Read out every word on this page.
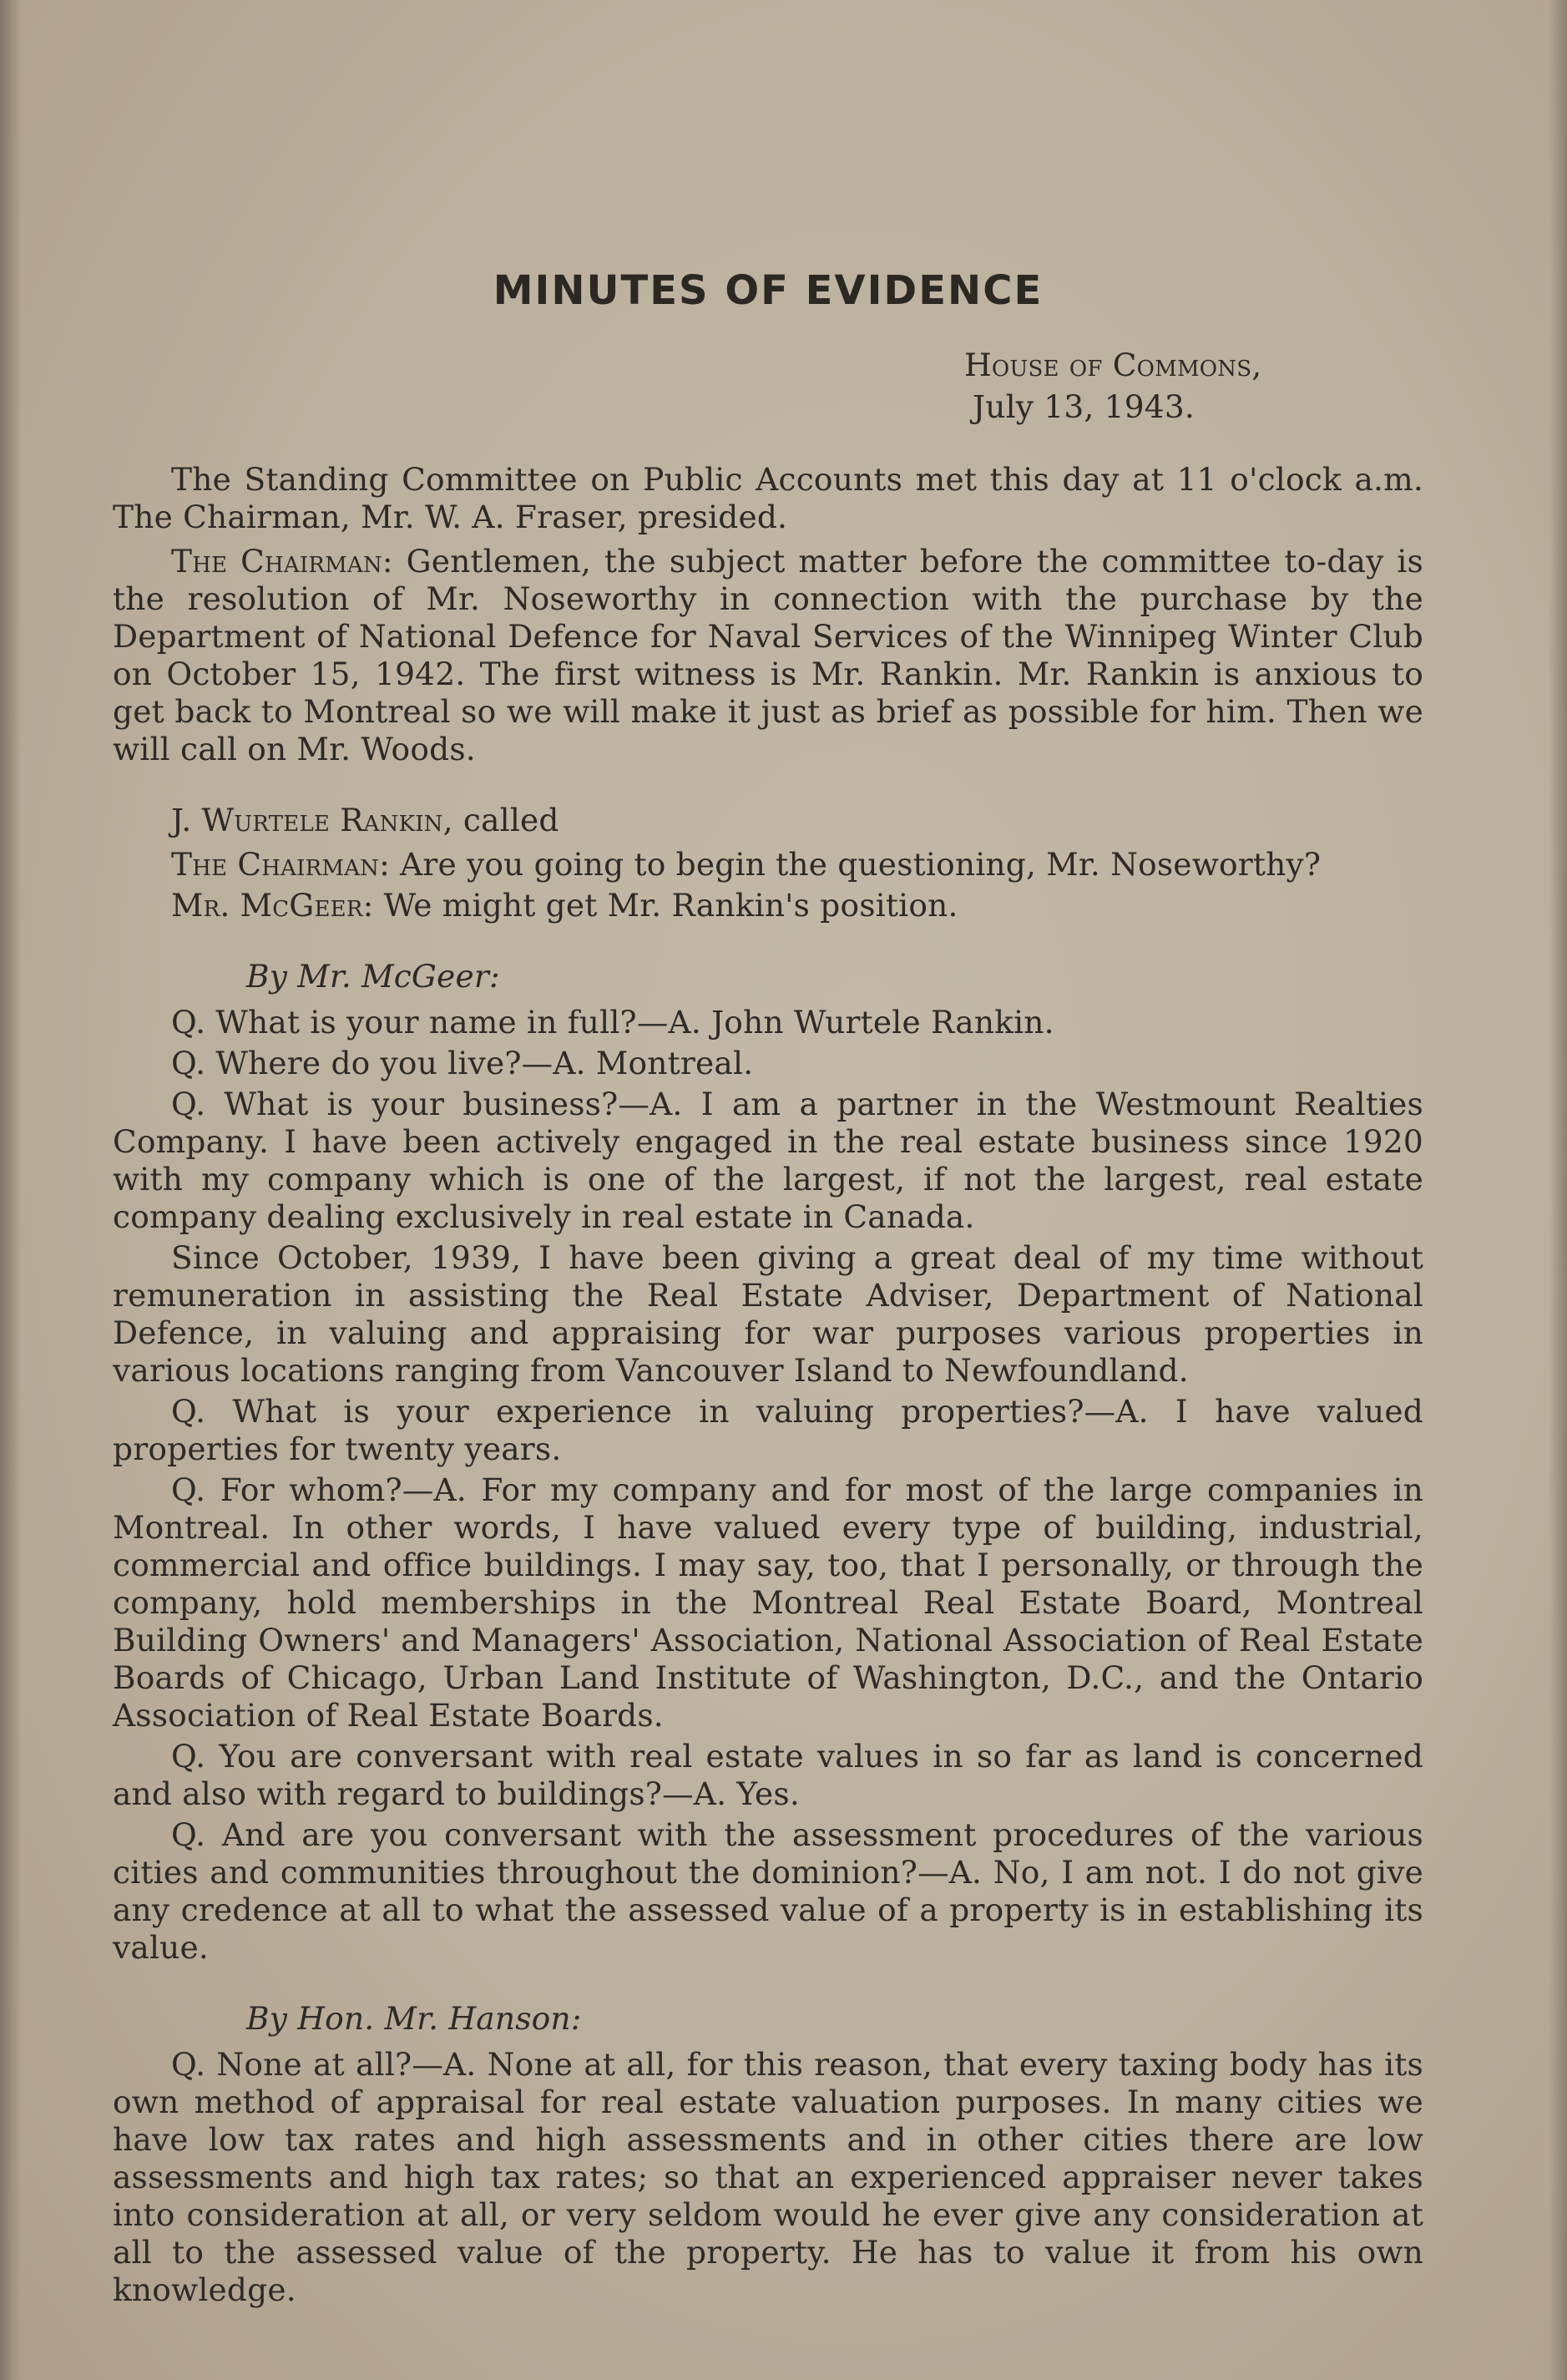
MINUTES OF EVIDENCE
House of Commons,
July 13, 1943.

The Standing Committee on Public Accounts met this day at 11 o'clock a.m. The Chairman, Mr. W. A. Fraser, presided.

The Chairman: Gentlemen, the subject matter before the committee to-day is the resolution of Mr. Noseworthy in connection with the purchase by the Department of National Defence for Naval Services of the Winnipeg Winter Club on October 15, 1942. The first witness is Mr. Rankin. Mr. Rankin is anxious to get back to Montreal so we will make it just as brief as possible for him. Then we will call on Mr. Woods.

J. Wurtele Rankin, called

The Chairman: Are you going to begin the questioning, Mr. Noseworthy?

Mr. McGeer: We might get Mr. Rankin's position.

By Mr. McGeer:

Q. What is your name in full?—A. John Wurtele Rankin.

Q. Where do you live?—A. Montreal.

Q. What is your business?—A. I am a partner in the Westmount Realties Company. I have been actively engaged in the real estate business since 1920 with my company which is one of the largest, if not the largest, real estate company dealing exclusively in real estate in Canada.

Since October, 1939, I have been giving a great deal of my time without remuneration in assisting the Real Estate Adviser, Department of National Defence, in valuing and appraising for war purposes various properties in various locations ranging from Vancouver Island to Newfoundland.

Q. What is your experience in valuing properties?—A. I have valued properties for twenty years.

Q. For whom?—A. For my company and for most of the large companies in Montreal. In other words, I have valued every type of building, industrial, commercial and office buildings. I may say, too, that I personally, or through the company, hold memberships in the Montreal Real Estate Board, Montreal Building Owners' and Managers' Association, National Association of Real Estate Boards of Chicago, Urban Land Institute of Washington, D.C., and the Ontario Association of Real Estate Boards.

Q. You are conversant with real estate values in so far as land is concerned and also with regard to buildings?—A. Yes.

Q. And are you conversant with the assessment procedures of the various cities and communities throughout the dominion?—A. No, I am not. I do not give any credence at all to what the assessed value of a property is in establishing its value.

By Hon. Mr. Hanson:

Q. None at all?—A. None at all, for this reason, that every taxing body has its own method of appraisal for real estate valuation purposes. In many cities we have low tax rates and high assessments and in other cities there are low assessments and high tax rates; so that an experienced appraiser never takes into consideration at all, or very seldom would he ever give any consideration at all to the assessed value of the property. He has to value it from his own knowledge.
